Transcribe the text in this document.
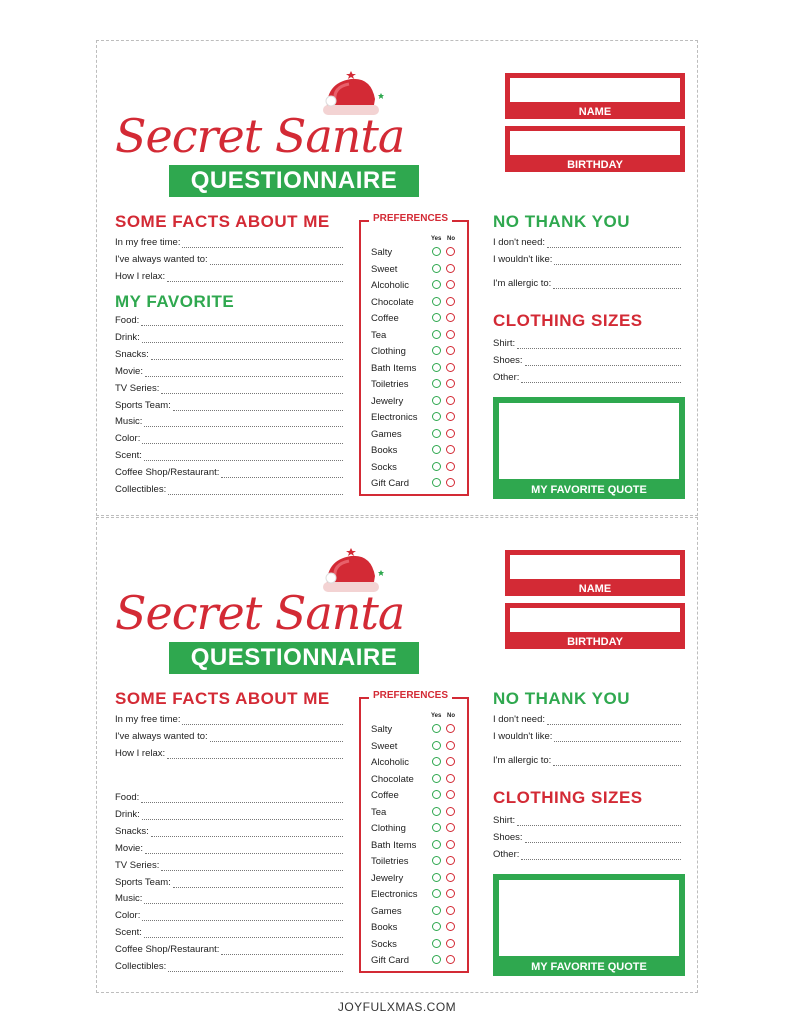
Secret Santa
QUESTIONNAIRE
NAME
BIRTHDAY
SOME FACTS ABOUT ME
In my free time:
I've always wanted to:
How I relax:
MY FAVORITE
Food:
Drink:
Snacks:
Movie:
TV Series:
Sports Team:
Music:
Color:
Scent:
Coffee Shop/Restaurant:
Collectibles:
PREFERENCES
Yes No
Salty
Sweet
Alcoholic
Chocolate
Coffee
Tea
Clothing
Bath Items
Toiletries
Jewelry
Electronics
Games
Books
Socks
Gift Card
NO THANK YOU
I don't need:
I wouldn't like:
I'm allergic to:
CLOTHING SIZES
Shirt:
Shoes:
Other:
MY FAVORITE QUOTE
Secret Santa
QUESTIONNAIRE
NAME
BIRTHDAY
SOME FACTS ABOUT ME
In my free time:
I've always wanted to:
How I relax:
Food:
Drink:
Snacks:
Movie:
TV Series:
Sports Team:
Music:
Color:
Scent:
Coffee Shop/Restaurant:
Collectibles:
PREFERENCES
Yes No
Salty
Sweet
Alcoholic
Chocolate
Coffee
Tea
Clothing
Bath Items
Toiletries
Jewelry
Electronics
Games
Books
Socks
Gift Card
NO THANK YOU
I don't need:
I wouldn't like:
I'm allergic to:
CLOTHING SIZES
Shirt:
Shoes:
Other:
MY FAVORITE QUOTE
JOYFULXMAS.COM
